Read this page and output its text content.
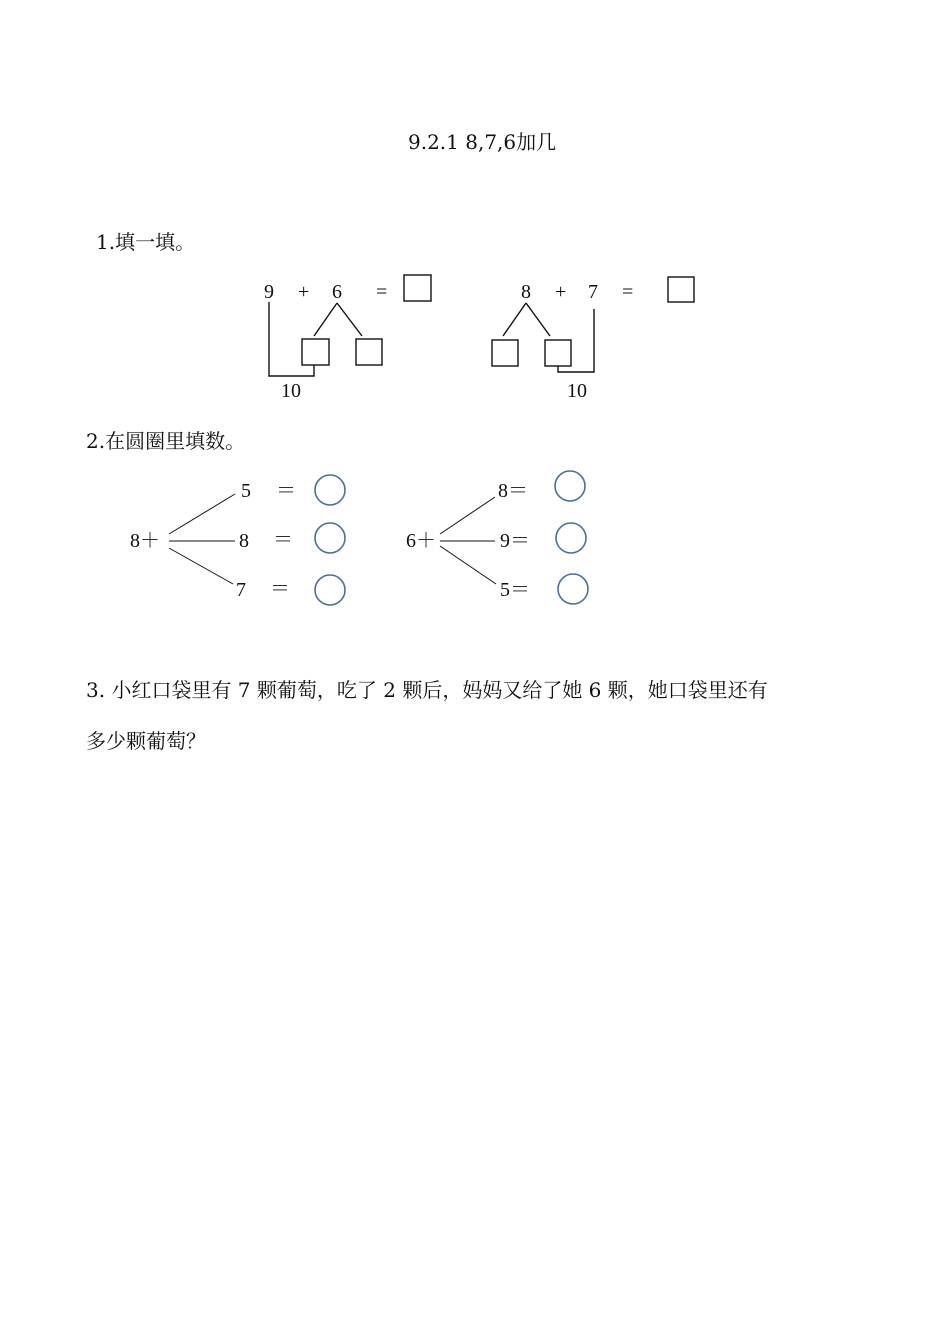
9.2.1 8,7,6加几
1.填一填。
9 + 6 =
10
8 + 7 =
10
2.在圆圈里填数。
8＋
5
8
7
＝
＝
＝
6＋
8＝
9＝
5＝
3. 小红口袋里有 7 颗葡萄，吃了 2 颗后，妈妈又给了她 6 颗，她口袋里还有
多少颗葡萄？
